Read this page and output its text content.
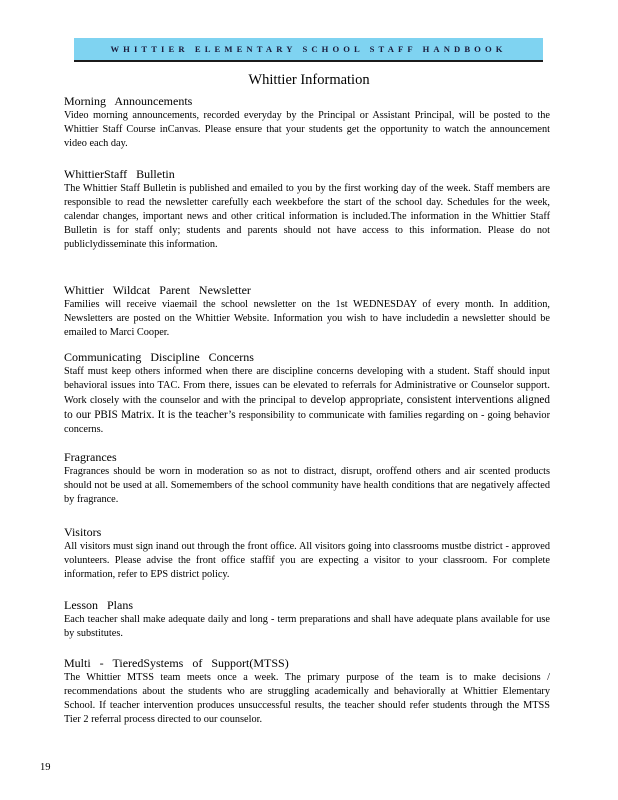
WHITTIER ELEMENTARY SCHOOL STAFF HANDBOOK
Whittier Information
Morning Announcements

Video morning announcements, recorded everyday by the Principal or Assistant Principal, will be posted to the Whittier Staff Course inCanvas. Please ensure that your students get the opportunity to watch the announcement video each day.

WhittierStaff Bulletin

The Whittier Staff Bulletin is published and emailed to you by the first working day of the week. Staff members are responsible to read the newsletter carefully each weekbefore the start of the school day. Schedules for the week, calendar changes, important news and other critical information is included.The information in the Whittier Staff Bulletin is for staff only; students and parents should not have access to this information. Please do not publiclydisseminate this information.

Whittier Wildcat Parent Newsletter

Families will receive viaemail the school newsletter on the 1st WEDNESDAY of every month. In addition, Newsletters are posted on the Whittier Website. Information you wish to have includedin a newsletter should be emailed to Marci Cooper.

Communicating Discipline Concerns

Staff must keep others informed when there are discipline concerns developing with a student. Staff should input behavioral issues into TAC. From there, issues can be elevated to referrals for Administrative or Counselor support. Work closely with the counselor and with the principal to develop appropriate, consistent interventions aligned to our PBIS Matrix. It is the teacher’s responsibility to communicate with families regarding on - going behavior concerns.

Fragrances

Fragrances should be worn in moderation so as not to distract, disrupt, oroffend others and air scented products should not be used at all. Somemembers of the school community have health conditions that are negatively affected by fragrance.

Visitors

All visitors must sign inand out through the front office. All visitors going into classrooms mustbe district - approved volunteers. Please advise the front office staffif you are expecting a visitor to your classroom. For complete information, refer to EPS district policy.

Lesson Plans

Each teacher shall make adequate daily and long - term preparations and shall have adequate plans available for use by substitutes.

Multi - TieredSystems of Support(MTSS)

The Whittier MTSS team meets once a week. The primary purpose of the team is to make decisions / recommendations about the students who are struggling academically and behaviorally at Whittier Elementary School. If teacher intervention produces unsuccessful results, the teacher should refer students through the MTSS Tier 2 referral process directed to our counselor.

19
